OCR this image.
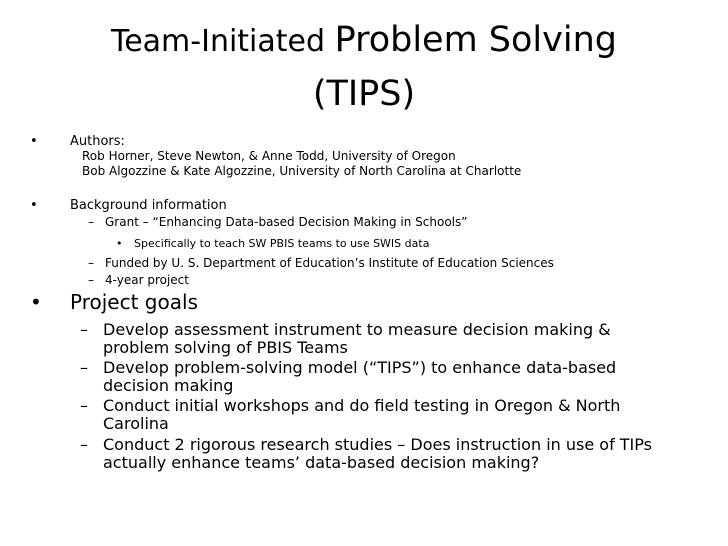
Team-Initiated Problem Solving
(TIPS)
• Authors:

Rob Horner, Steve Newton, & Anne Todd, University of Oregon

Bob Algozzine & Kate Algozzine, University of North Carolina at Charlotte

• Background information

– Grant – “Enhancing Data-based Decision Making in Schools”

• Specifically to teach SW PBIS teams to use SWIS data

– Funded by U. S. Department of Education’s Institute of Education Sciences

– 4-year project

• Project goals

– Develop assessment instrument to measure decision making &

problem solving of PBIS Teams

– Develop problem-solving model (“TIPS”) to enhance data-based

decision making

– Conduct initial workshops and do field testing in Oregon & North

Carolina

– Conduct 2 rigorous research studies – Does instruction in use of TIPs

actually enhance teams’ data-based decision making?
